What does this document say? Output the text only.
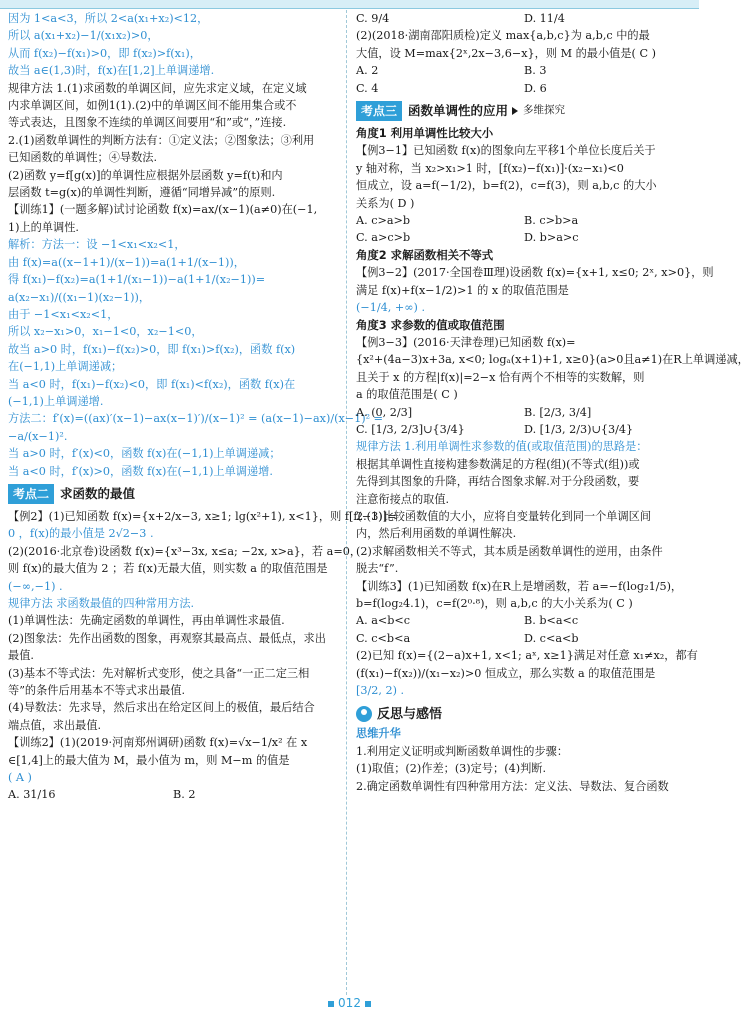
因为 1<a<3，所以 2<a(x₁+x₂)<12，
所以 a(x₁+x₂)−1/(x₁x₂)>0，
从而 f(x₂)−f(x₁)>0，即 f(x₂)>f(x₁)，
故当 a∈(1,3)时，f(x)在[1,2]上单调递增.
规律方法 1.(1)求函数的单调区间，应先求定义域，在定义域
内求单调区间，如例1(1).(2)中的单调区间不能用集合或不
等式表达，且图象不连续的单调区间要用“和”或“，”连接.
2.(1)函数单调性的判断方法有：①定义法；②图象法；③利用
已知函数的单调性；④导数法.
(2)函数 y=f[g(x)]的单调性应根据外层函数 y=f(t)和内
层函数 t=g(x)的单调性判断，遵循“同增异减”的原则.
【训练1】(一题多解)试讨论函数 f(x)=ax/(x−1)(a≠0)在(−1,
1)上的单调性.
解析：方法一：设 −1<x₁<x₂<1，
由 f(x)=a((x−1+1)/(x−1))=a(1+1/(x−1))，
得 f(x₁)−f(x₂)=a(1+1/(x₁−1))−a(1+1/(x₂−1))=
a(x₂−x₁)/((x₁−1)(x₂−1))，
由于 −1<x₁<x₂<1，
所以 x₂−x₁>0，x₁−1<0，x₂−1<0，
故当 a>0 时，f(x₁)−f(x₂)>0，即 f(x₁)>f(x₂)，函数 f(x)
在(−1,1)上单调递减；
当 a<0 时，f(x₁)−f(x₂)<0，即 f(x₁)<f(x₂)，函数 f(x)在
(−1,1)上单调递增.
方法二：f′(x)=((ax)′(x−1)−ax(x−1)′)/(x−1)² = (a(x−1)−ax)/(x−1)² =
−a/(x−1)².
当 a>0 时，f′(x)<0，函数 f(x)在(−1,1)上单调递减；
当 a<0 时，f′(x)>0，函数 f(x)在(−1,1)上单调递增.
考点二 求函数的最值
【例2】(1)已知函数 f(x)={x+2/x−3, x≥1; lg(x²+1), x<1}，则 f[f(−3)]=
0 ，f(x)的最小值是 2√2−3 .
(2)(2016·北京卷)设函数 f(x)={x³−3x, x≤a; −2x, x>a}，若 a=0，
则 f(x)的最大值为 2 ；若 f(x)无最大值，则实数 a 的取值范围是
(−∞,−1) .
规律方法 求函数最值的四种常用方法.
(1)单调性法：先确定函数的单调性，再由单调性求最值.
(2)图象法：先作出函数的图象，再观察其最高点、最低点，求出
最值.
(3)基本不等式法：先对解析式变形，使之具备“一正二定三相
等”的条件后用基本不等式求出最值.
(4)导数法：先求导，然后求出在给定区间上的极值，最后结合
端点值，求出最值.
【训练2】(1)(2019·河南郑州调研)函数 f(x)=√x−1/x² 在 x
∈[1,4]上的最大值为 M，最小值为 m，则 M−m 的值是
( A )
A. 31/16	B. 2
C. 9/4	D. 11/4
(2)(2018·湖南邵阳质检)定义 max{a,b,c}为 a,b,c 中的最
大值，设 M=max{2ˣ,2x−3,6−x}，则 M 的最小值是( C )
A. 2	B. 3
C. 4	D. 6
考点三 函数单调性的应用 多维探究
角度1 利用单调性比较大小
【例3−1】已知函数 f(x)的图象向左平移1个单位长度后关于
y 轴对称，当 x₂>x₁>1 时，[f(x₂)−f(x₁)]·(x₂−x₁)<0
恒成立，设 a=f(−1/2)，b=f(2)，c=f(3)，则 a,b,c 的大小
关系为( D )
A. c>a>b	B. c>b>a
C. a>c>b	D. b>a>c
角度2 求解函数相关不等式
【例3−2】(2017·全国卷Ⅲ理)设函数 f(x)={x+1, x≤0; 2ˣ, x>0}，则
满足 f(x)+f(x−1/2)>1 的 x 的取值范围是
(−1/4, +∞) .
角度3 求参数的值或取值范围
【例3−3】(2016·天津卷理)已知函数 f(x)=
{x²+(4a−3)x+3a, x<0; logₐ(x+1)+1, x≥0}(a>0且a≠1)在R上单调递减，
且关于 x 的方程|f(x)|=2−x 恰有两个不相等的实数解，则
a 的取值范围是( C )
A. (0, 2/3]	B. [2/3, 3/4]
C. [1/3, 2/3]∪{3/4}	D. [1/3, 2/3)∪{3/4}
规律方法 1.利用单调性求参数的值(或取值范围)的思路是：
根据其单调性直接构建参数满足的方程(组)(不等式(组))或
先得到其图象的升降，再结合图象求解.对于分段函数，要
注意衔接点的取值.
2.(1)比较函数值的大小，应将自变量转化到同一个单调区间
内，然后利用函数的单调性解决.
(2)求解函数相关不等式，其本质是函数单调性的逆用，由条件
脱去“f”.
【训练3】(1)已知函数 f(x)在R上是增函数，若 a=−f(log₂1/5)，
b=f(log₂4.1)，c=f(2⁰·⁸)，则 a,b,c 的大小关系为( C )
A. a<b<c	B. b<a<c
C. c<b<a	D. c<a<b
(2)已知 f(x)={(2−a)x+1, x<1; aˣ, x≥1}满足对任意 x₁≠x₂，都有
(f(x₁)−f(x₂))/(x₁−x₂)>0 恒成立，那么实数 a 的取值范围是
[3/2, 2) .
反思与感悟
思维升华
1.利用定义证明或判断函数单调性的步骤：
(1)取值；(2)作差；(3)定号；(4)判断.
2.确定函数单调性有四种常用方法：定义法、导数法、复合函数
012
